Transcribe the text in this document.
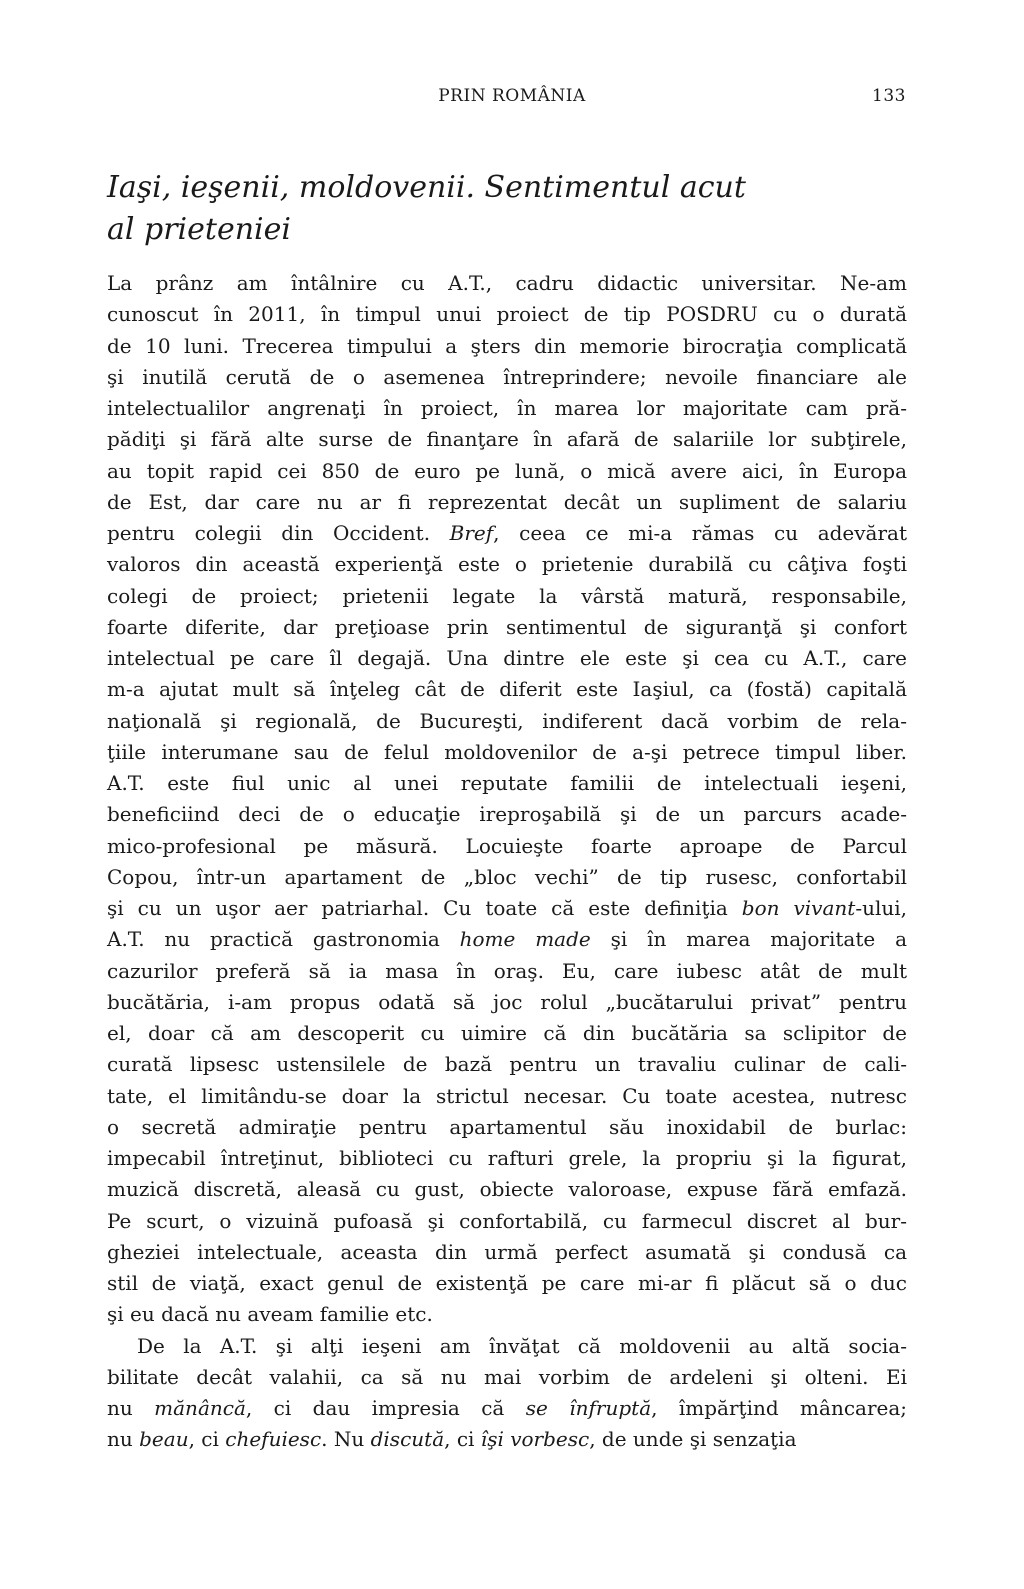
PRIN ROMÂNIA	133
Iaşi, ieşenii, moldovenii. Sentimentul acut
al prieteniei
La prânz am întâlnire cu A.T., cadru didactic universitar. Ne-am
cunoscut în 2011, în timpul unui proiect de tip POSDRU cu o durată
de 10 luni. Trecerea timpului a şters din memorie birocraţia complicată
şi inutilă cerută de o asemenea întreprindere; nevoile financiare ale
intelectualilor angrenaţi în proiect, în marea lor majoritate cam pră-
pădiţi şi fără alte surse de finanţare în afară de salariile lor subţirele,
au topit rapid cei 850 de euro pe lună, o mică avere aici, în Europa
de Est, dar care nu ar fi reprezentat decât un supliment de salariu
pentru colegii din Occident. Bref, ceea ce mi-a rămas cu adevărat
valoros din această experienţă este o prietenie durabilă cu câţiva foşti
colegi de proiect; prietenii legate la vârstă matură, responsabile,
foarte diferite, dar preţioase prin sentimentul de siguranţă şi confort
intelectual pe care îl degajă. Una dintre ele este şi cea cu A.T., care
m-a ajutat mult să înţeleg cât de diferit este Iaşiul, ca (fostă) capitală
naţională şi regională, de Bucureşti, indiferent dacă vorbim de rela-
ţiile interumane sau de felul moldovenilor de a-şi petrece timpul liber.
A.T. este fiul unic al unei reputate familii de intelectuali ieşeni,
beneficiind deci de o educaţie ireproşabilă şi de un parcurs acade-
mico-profesional pe măsură. Locuieşte foarte aproape de Parcul
Copou, într-un apartament de „bloc vechi” de tip rusesc, confortabil
şi cu un uşor aer patriarhal. Cu toate că este definiţia bon vivant-ului,
A.T. nu practică gastronomia home made şi în marea majoritate a
cazurilor preferă să ia masa în oraş. Eu, care iubesc atât de mult
bucătăria, i-am propus odată să joc rolul „bucătarului privat” pentru
el, doar că am descoperit cu uimire că din bucătăria sa sclipitor de
curată lipsesc ustensilele de bază pentru un travaliu culinar de cali-
tate, el limitându-se doar la strictul necesar. Cu toate acestea, nutresc
o secretă admiraţie pentru apartamentul său inoxidabil de burlac:
impecabil întreţinut, biblioteci cu rafturi grele, la propriu şi la figurat,
muzică discretă, aleasă cu gust, obiecte valoroase, expuse fără emfază.
Pe scurt, o vizuină pufoasă şi confortabilă, cu farmecul discret al bur-
gheziei intelectuale, aceasta din urmă perfect asumată şi condusă ca
stil de viaţă, exact genul de existenţă pe care mi-ar fi plăcut să o duc
şi eu dacă nu aveam familie etc.
De la A.T. şi alţi ieşeni am învăţat că moldovenii au altă socia-
bilitate decât valahii, ca să nu mai vorbim de ardeleni şi olteni. Ei
nu mănâncă, ci dau impresia că se înfruptă, împărţind mâncarea;
nu beau, ci chefuiesc. Nu discută, ci îşi vorbesc, de unde şi senzaţia
